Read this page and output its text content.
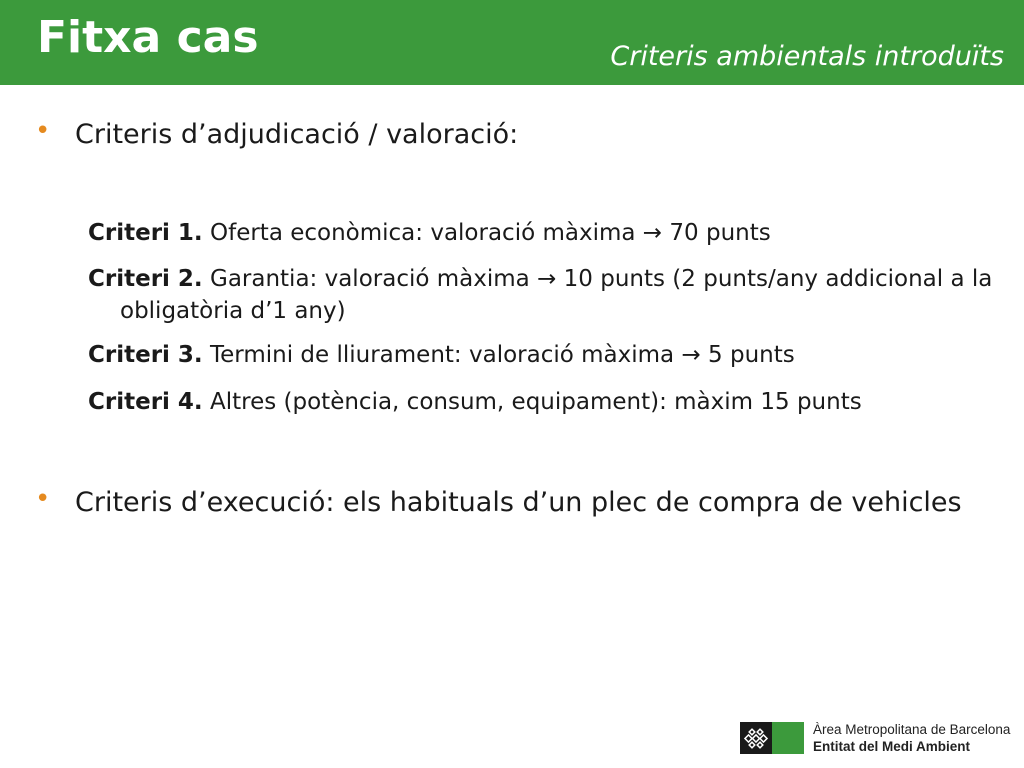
Fitxa cas	Criteris ambientals introduïts
• Criteris d’adjudicació / valoració:
Criteri 1. Oferta econòmica: valoració màxima → 70 punts
Criteri 2. Garantia: valoració màxima → 10 punts (2 punts/any addicional a la obligatòria d’1 any)
Criteri 3. Termini de lliurament: valoració màxima → 5 punts
Criteri 4. Altres (potència, consum, equipament): màxim 15 punts
• Criteris d’execució: els habituals d’un plec de compra de vehicles
Àrea Metropolitana de Barcelona
Entitat del Medi Ambient
